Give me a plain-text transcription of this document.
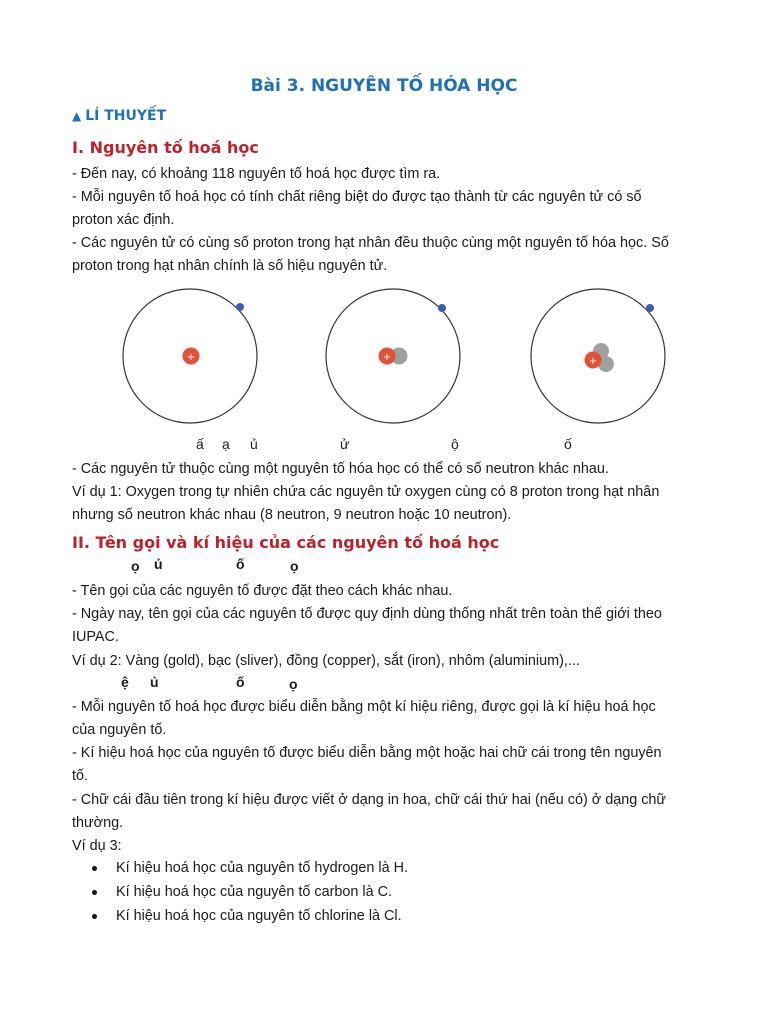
Bài 3. NGUYÊN TỐ HÓA HỌC
▲ LÍ THUYẾT
I. Nguyên tố hoá học

- Đến nay, có khoảng 118 nguyên tố hoá học được tìm ra.

- Mỗi nguyên tố hoá học có tính chất riêng biệt do được tạo thành từ các nguyên tử có số

proton xác định.

- Các nguyên tử có cùng số proton trong hạt nhân đều thuộc cùng một nguyên tố hóa học. Số

proton trong hạt nhân chính là số hiệu nguyên tử.

+	+	+
ấ ạ ủ	ử	ộ	ố

- Các nguyên tử thuộc cùng một nguyên tố hóa học có thể có số neutron khác nhau.

Ví dụ 1: Oxygen trong tự nhiên chứa các nguyên tử oxygen cùng có 8 proton trong hạt nhân

nhưng số neutron khác nhau (8 neutron, 9 neutron hoặc 10 neutron).

II. Tên gọi và kí hiệu của các nguyên tố hoá học
ọ ủ	ố	ọ

- Tên gọi của các nguyên tố được đặt theo cách khác nhau.

- Ngày nay, tên gọi của các nguyên tố được quy định dùng thống nhất trên toàn thế giới theo

IUPAC.

Ví dụ 2: Vàng (gold), bạc (sliver), đồng (copper), sắt (iron), nhôm (aluminium),...

ệ ủ	ố	ọ

- Mỗi nguyên tố hoá học được biểu diễn bằng một kí hiệu riêng, được gọi là kí hiệu hoá học

của nguyên tố.

- Kí hiệu hoá học của nguyên tố được biểu diễn bằng một hoặc hai chữ cái trong tên nguyên

tố.

- Chữ cái đầu tiên trong kí hiệu được viết ở dạng in hoa, chữ cái thứ hai (nếu có) ở dạng chữ

thường.

Ví dụ 3:

Kí hiệu hoá học của nguyên tố hydrogen là H.
Kí hiệu hoá học của nguyên tố carbon là C.
Kí hiệu hoá học của nguyên tố chlorine là Cl.
